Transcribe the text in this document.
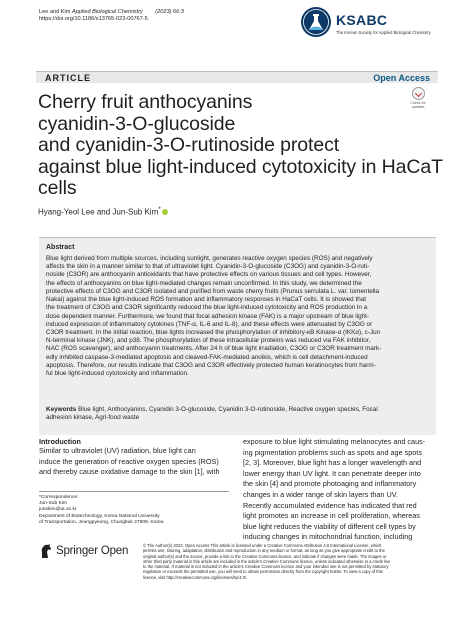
Lee and Kim Applied Biological Chemistry (2023) 66:3
https://doi.org/10.1186/s13765-023-00767-5	KSABC
The Korean Society for Applied Biological Chemistry
ARTICLE	Open Access
Check for updates
Cherry fruit anthocyanins
cyanidin-3-O-glucoside
and cyanidin-3-O-rutinoside protect
against blue light-induced cytotoxicity in HaCaT
cells
Hyang-Yeol Lee and Jun-Sub Kim*
Abstract
Blue light derived from multiple sources, including sunlight, generates reactive oxygen species (ROS) and negatively
affects the skin in a manner similar to that of ultraviolet light. Cyanidin-3-O-glucoside (C3OG) and cyanidin-3-O-ruti-
noside (C3OR) are anthocyanin antioxidants that have protective effects on various tissues and cell types. However,
the effects of anthocyanins on blue light-mediated changes remain unconfirmed. In this study, we determined the
protective effects of C3OG and C3OR isolated and purified from waste cherry fruits (Prunus serrulata L. var. tomentella
Nakai) against the blue light-induced ROS formation and inflammatory responses in HaCaT cells. It is showed that
the treatment of C3OG and C3OR significantly reduced the blue light-induced cytotoxicity and ROS production in a
dose dependent manner. Furthermore, we found that focal adhesion kinase (FAK) is a major upstream of blue light-
induced expression of inflammatory cytokines (TNF-α, IL-6 and IL-8), and these effects were attenuated by C3OG or
C3OR treatment. In the initial reaction, blue lights increased the phosphorylation of inhibitory-κB Kinase-α (IKKα), c-Jun
N-terminal kinase (JNK), and p38. The phosphorylation of these intracellular proteins was reduced via FAK inhibitor,
NAC (ROS scavenger), and anthocyanin treatments. After 24 h of blue light irradiation, C3OG or C3OR treatment mark-
edly inhibited caspase-3-mediated apoptosis and cleaved-FAK-mediated anoikis, which is cell detachment-induced
apoptosis. Therefore, our results indicate that C3OG and C3OR effectively protected human keratinocytes from harm-
ful blue light-induced cytotoxicity and inflammation.
Keywords Blue light, Anthocyanins, Cyanidin 3-O-glucoside, Cyanidin 3-O-rutinoside, Reactive oxygen species, Focal
adhesion kinase, Agri-food waste
Introduction
Similar to ultraviolet (UV) radiation, blue light can
induce the generation of reactive oxygen species (ROS)
and thereby cause oxidative damage to the skin [1], with
exposure to blue light stimulating melanocytes and caus-
ing pigmentation problems such as spots and age spots
[2, 3]. Moreover, blue light has a longer wavelength and
lower energy than UV light. It can penetrate deeper into
the skin [4] and promote photoaging and inflammatory
changes in a wider range of skin layers than UV.
Recently accumulated evidence has indicated that red
light promotes an increase in cell proliferation, whereas
blue light reduces the viability of different cell types by
inducing changes in mitochondrial function, including
*Correspondence:
Jun-Sub Kim
junskim@ut.ac.kr
Department of Biotechnology, Korea National University
of Transportation, Jeungpyeong, Chungbuk 27909, Korea
Springer Open	© The Author(s) 2023. Open Access This article is licensed under a Creative Commons Attribution 4.0 International License, which
permits use, sharing, adaptation, distribution and reproduction in any medium or format, as long as you give appropriate credit to the
original author(s) and the source, provide a link to the Creative Commons licence, and indicate if changes were made. The images or
other third party material in this article are included in the article's Creative Commons licence, unless indicated otherwise in a credit line
to the material. If material is not included in the article's Creative Commons licence and your intended use is not permitted by statutory
regulation or exceeds the permitted use, you will need to obtain permission directly from the copyright holder. To view a copy of this
licence, visit http://creativecommons.org/licenses/by/4.0/.
